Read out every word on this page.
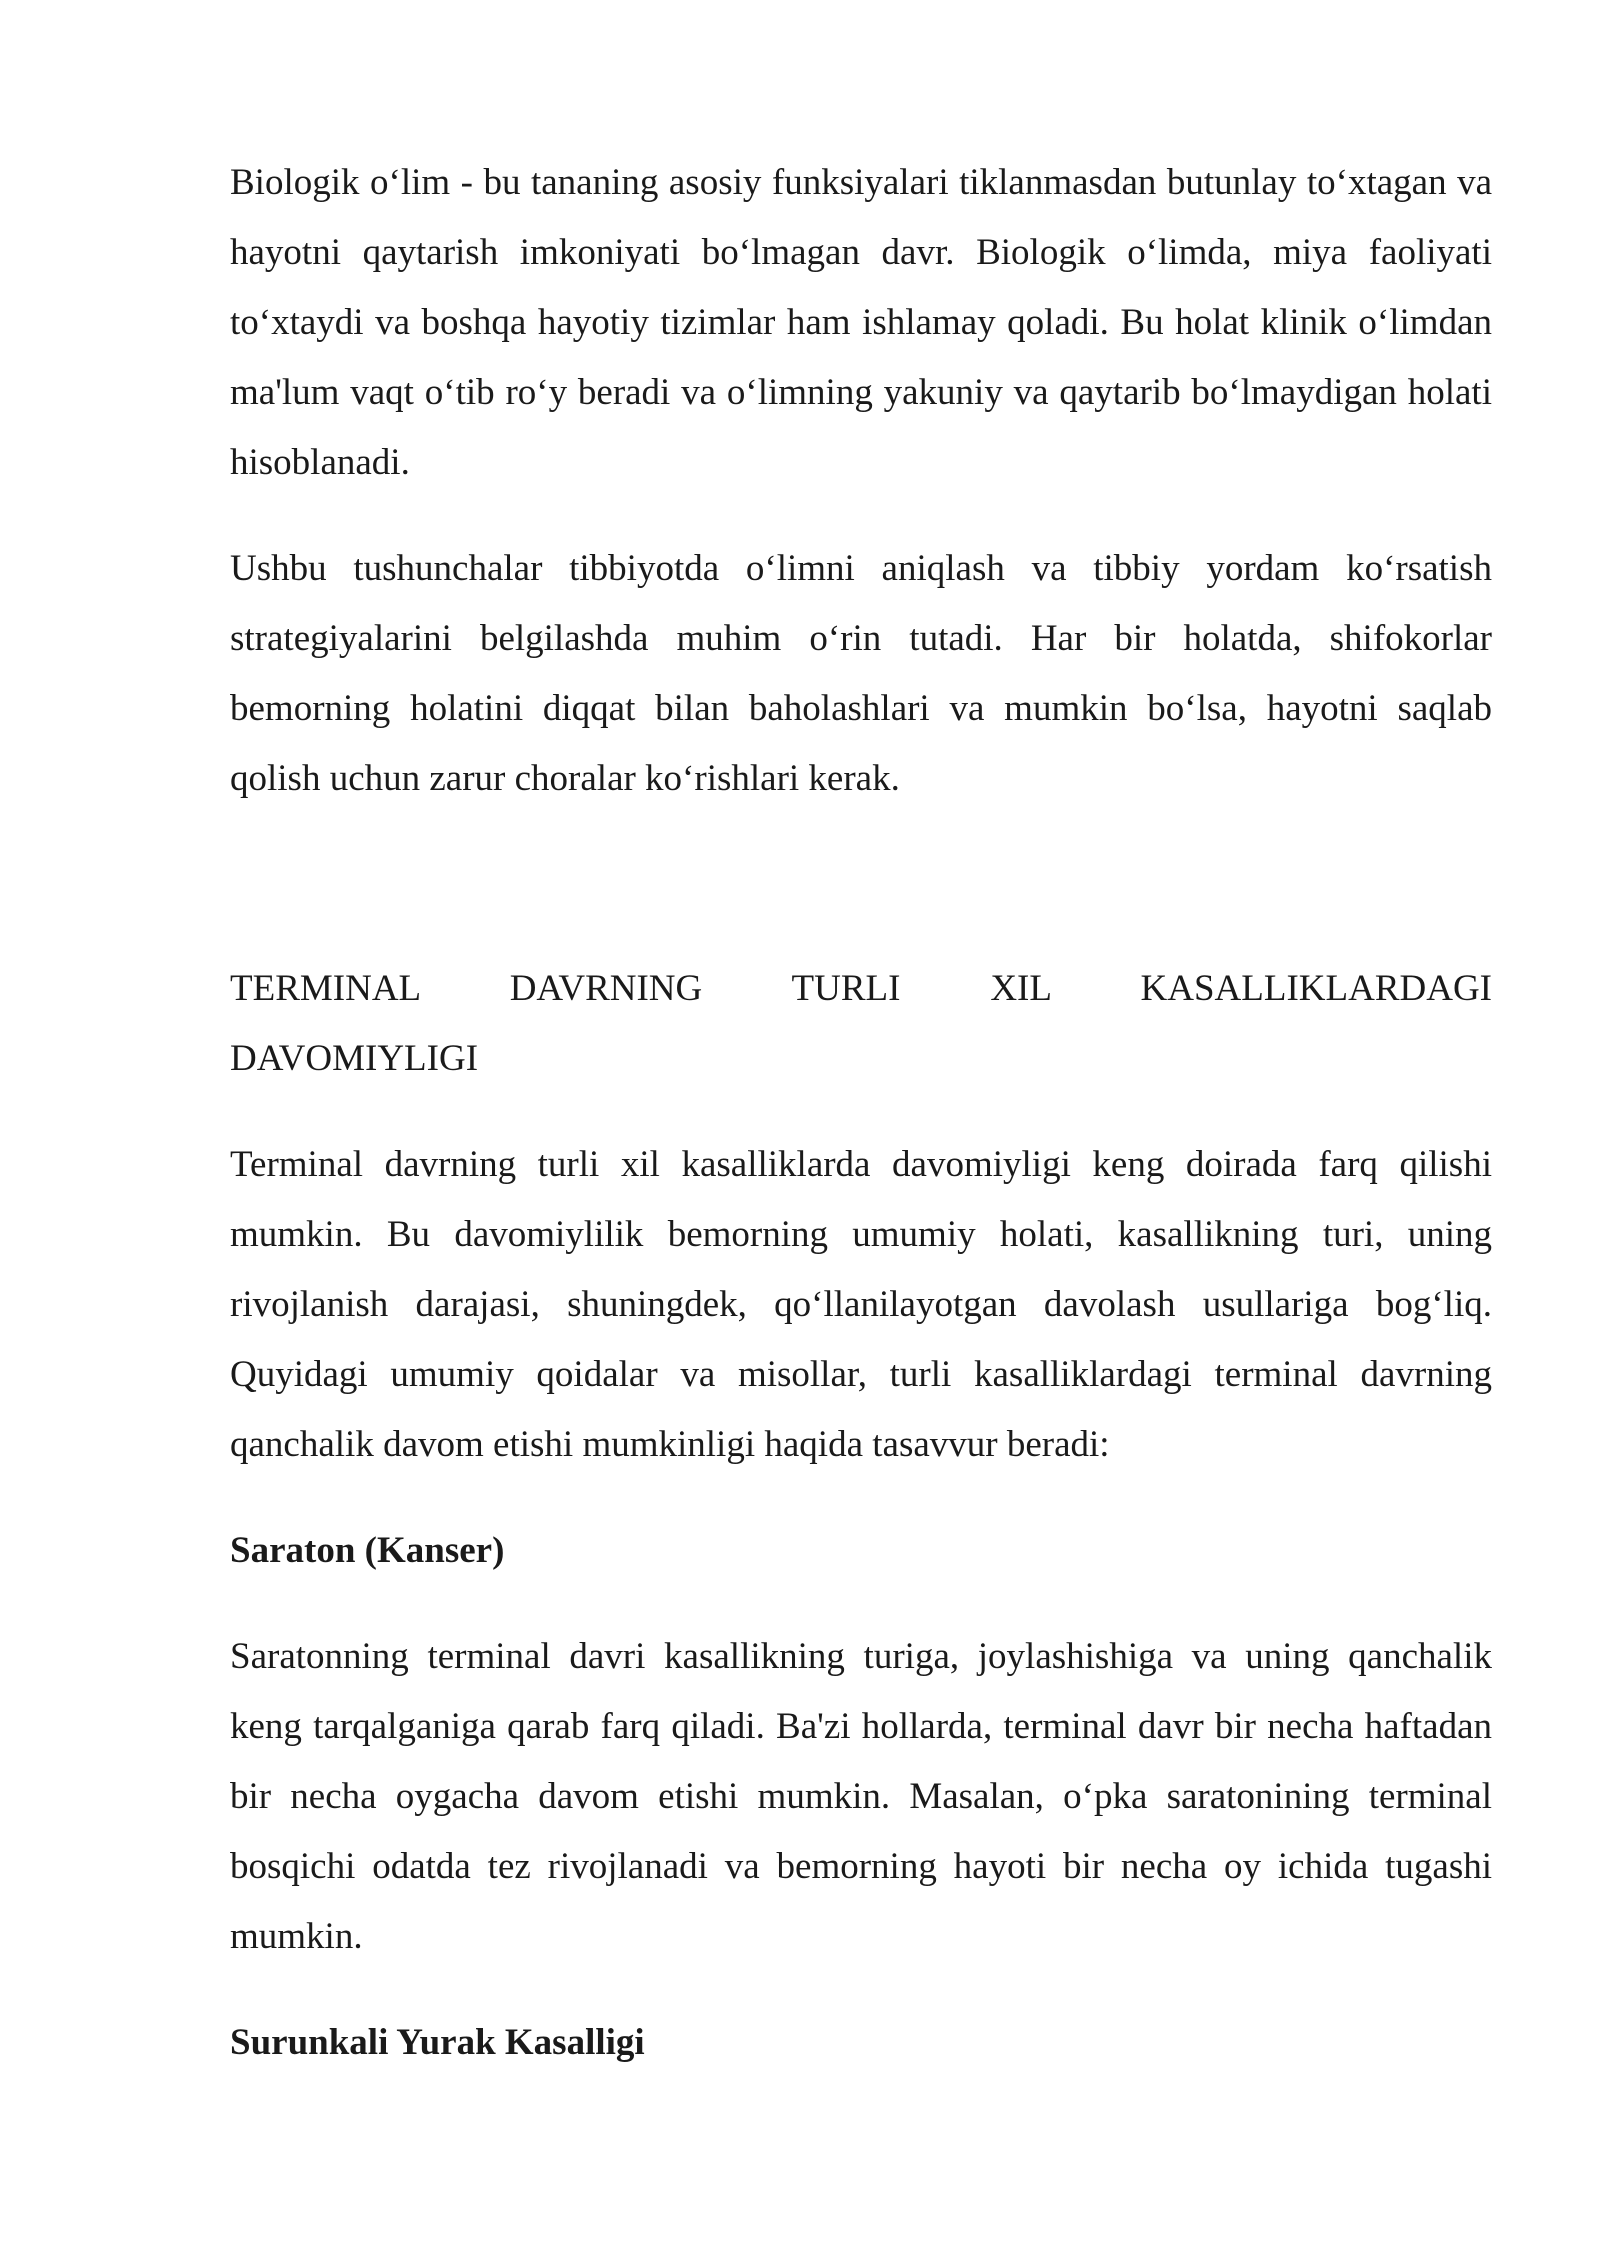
Biologik o‘lim - bu tananing asosiy funksiyalari tiklanmasdan butunlay to‘xtagan va hayotni qaytarish imkoniyati bo‘lmagan davr. Biologik o‘limda, miya faoliyati to‘xtaydi va boshqa hayotiy tizimlar ham ishlamay qoladi. Bu holat klinik o‘limdan ma'lum vaqt o‘tib ro‘y beradi va o‘limning yakuniy va qaytarib bo‘lmaydigan holati hisoblanadi.

Ushbu tushunchalar tibbiyotda o‘limni aniqlash va tibbiy yordam ko‘rsatish strategiyalarini belgilashda muhim o‘rin tutadi. Har bir holatda, shifokorlar bemorning holatini diqqat bilan baholashlari va mumkin bo‘lsa, hayotni saqlab qolish uchun zarur choralar ko‘rishlari kerak.

TERMINAL DAVRNING TURLI XIL KASALLIKLARDAGI DAVOMIYLIGI

Terminal davrning turli xil kasalliklarda davomiyligi keng doirada farq qilishi mumkin. Bu davomiylilik bemorning umumiy holati, kasallikning turi, uning rivojlanish darajasi, shuningdek, qo‘llanilayotgan davolash usullariga bog‘liq. Quyidagi umumiy qoidalar va misollar, turli kasalliklardagi terminal davrning qanchalik davom etishi mumkinligi haqida tasavvur beradi:

Saraton (Kanser)

Saratonning terminal davri kasallikning turiga, joylashishiga va uning qanchalik keng tarqalganiga qarab farq qiladi. Ba'zi hollarda, terminal davr bir necha haftadan bir necha oygacha davom etishi mumkin. Masalan, o‘pka saratonining terminal bosqichi odatda tez rivojlanadi va bemorning hayoti bir necha oy ichida tugashi mumkin.

Surunkali Yurak Kasalligi
